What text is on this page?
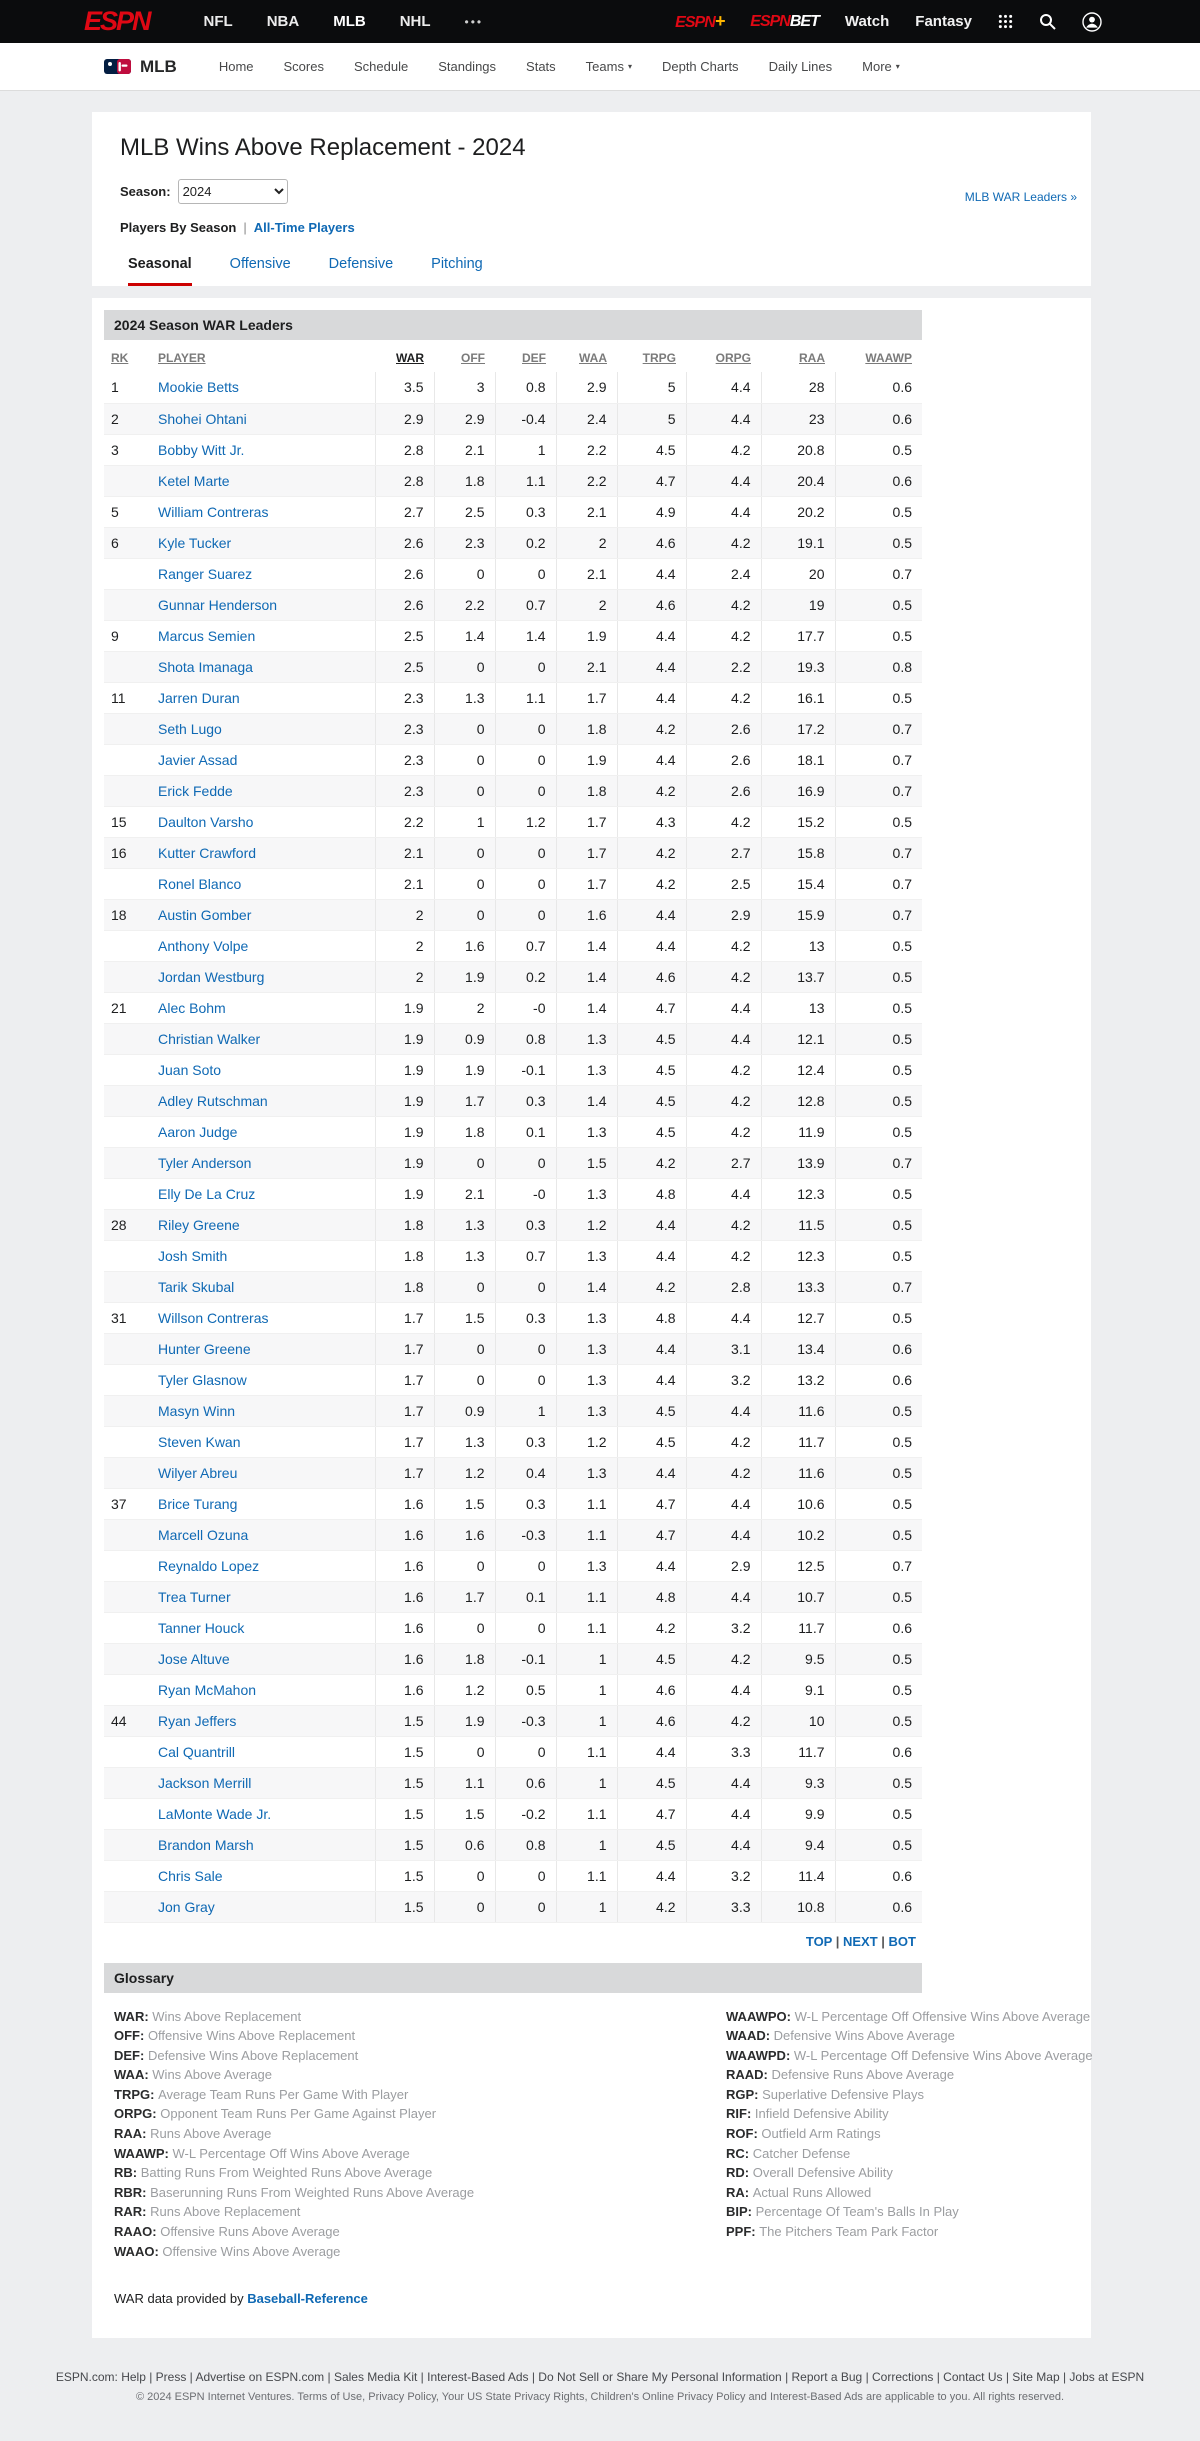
ESPN	NFL NBA MLB NHL	•••	ESPN+ ESPNBET Watch Fantasy
MLB	Home Scores Schedule Standings Stats Teams ▾ Depth Charts Daily Lines More ▾
MLB Wins Above Replacement - 2024
MLB WAR Leaders »
Season:
2024
Players By Season | All-Time Players
Seasonal	Offensive	Defensive	Pitching
2024 Season WAR Leaders
RK	PLAYER	WAR	OFF	DEF	WAA	TRPG	ORPG	RAA	WAAWP
1	Mookie Betts	3.5	3	0.8	2.9	5	4.4	28	0.6
2	Shohei Ohtani	2.9	2.9	-0.4	2.4	5	4.4	23	0.6
3	Bobby Witt Jr.	2.8	2.1	1	2.2	4.5	4.2	20.8	0.5
	Ketel Marte	2.8	1.8	1.1	2.2	4.7	4.4	20.4	0.6
5	William Contreras	2.7	2.5	0.3	2.1	4.9	4.4	20.2	0.5
6	Kyle Tucker	2.6	2.3	0.2	2	4.6	4.2	19.1	0.5
	Ranger Suarez	2.6	0	0	2.1	4.4	2.4	20	0.7
	Gunnar Henderson	2.6	2.2	0.7	2	4.6	4.2	19	0.5
9	Marcus Semien	2.5	1.4	1.4	1.9	4.4	4.2	17.7	0.5
	Shota Imanaga	2.5	0	0	2.1	4.4	2.2	19.3	0.8
11	Jarren Duran	2.3	1.3	1.1	1.7	4.4	4.2	16.1	0.5
	Seth Lugo	2.3	0	0	1.8	4.2	2.6	17.2	0.7
	Javier Assad	2.3	0	0	1.9	4.4	2.6	18.1	0.7
	Erick Fedde	2.3	0	0	1.8	4.2	2.6	16.9	0.7
15	Daulton Varsho	2.2	1	1.2	1.7	4.3	4.2	15.2	0.5
16	Kutter Crawford	2.1	0	0	1.7	4.2	2.7	15.8	0.7
	Ronel Blanco	2.1	0	0	1.7	4.2	2.5	15.4	0.7
18	Austin Gomber	2	0	0	1.6	4.4	2.9	15.9	0.7
	Anthony Volpe	2	1.6	0.7	1.4	4.4	4.2	13	0.5
	Jordan Westburg	2	1.9	0.2	1.4	4.6	4.2	13.7	0.5
21	Alec Bohm	1.9	2	-0	1.4	4.7	4.4	13	0.5
	Christian Walker	1.9	0.9	0.8	1.3	4.5	4.4	12.1	0.5
	Juan Soto	1.9	1.9	-0.1	1.3	4.5	4.2	12.4	0.5
	Adley Rutschman	1.9	1.7	0.3	1.4	4.5	4.2	12.8	0.5
	Aaron Judge	1.9	1.8	0.1	1.3	4.5	4.2	11.9	0.5
	Tyler Anderson	1.9	0	0	1.5	4.2	2.7	13.9	0.7
	Elly De La Cruz	1.9	2.1	-0	1.3	4.8	4.4	12.3	0.5
28	Riley Greene	1.8	1.3	0.3	1.2	4.4	4.2	11.5	0.5
	Josh Smith	1.8	1.3	0.7	1.3	4.4	4.2	12.3	0.5
	Tarik Skubal	1.8	0	0	1.4	4.2	2.8	13.3	0.7
31	Willson Contreras	1.7	1.5	0.3	1.3	4.8	4.4	12.7	0.5
	Hunter Greene	1.7	0	0	1.3	4.4	3.1	13.4	0.6
	Tyler Glasnow	1.7	0	0	1.3	4.4	3.2	13.2	0.6
	Masyn Winn	1.7	0.9	1	1.3	4.5	4.4	11.6	0.5
	Steven Kwan	1.7	1.3	0.3	1.2	4.5	4.2	11.7	0.5
	Wilyer Abreu	1.7	1.2	0.4	1.3	4.4	4.2	11.6	0.5
37	Brice Turang	1.6	1.5	0.3	1.1	4.7	4.4	10.6	0.5
	Marcell Ozuna	1.6	1.6	-0.3	1.1	4.7	4.4	10.2	0.5
	Reynaldo Lopez	1.6	0	0	1.3	4.4	2.9	12.5	0.7
	Trea Turner	1.6	1.7	0.1	1.1	4.8	4.4	10.7	0.5
	Tanner Houck	1.6	0	0	1.1	4.2	3.2	11.7	0.6
	Jose Altuve	1.6	1.8	-0.1	1	4.5	4.2	9.5	0.5
	Ryan McMahon	1.6	1.2	0.5	1	4.6	4.4	9.1	0.5
44	Ryan Jeffers	1.5	1.9	-0.3	1	4.6	4.2	10	0.5
	Cal Quantrill	1.5	0	0	1.1	4.4	3.3	11.7	0.6
	Jackson Merrill	1.5	1.1	0.6	1	4.5	4.4	9.3	0.5
	LaMonte Wade Jr.	1.5	1.5	-0.2	1.1	4.7	4.4	9.9	0.5
	Brandon Marsh	1.5	0.6	0.8	1	4.5	4.4	9.4	0.5
	Chris Sale	1.5	0	0	1.1	4.4	3.2	11.4	0.6
	Jon Gray	1.5	0	0	1	4.2	3.3	10.8	0.6
TOP | NEXT | BOT
Glossary
WAR: Wins Above Replacement
OFF: Offensive Wins Above Replacement
DEF: Defensive Wins Above Replacement
WAA: Wins Above Average
TRPG: Average Team Runs Per Game With Player
ORPG: Opponent Team Runs Per Game Against Player
RAA: Runs Above Average
WAAWP: W-L Percentage Off Wins Above Average
RB: Batting Runs From Weighted Runs Above Average
RBR: Baserunning Runs From Weighted Runs Above Average
RAR: Runs Above Replacement
RAAO: Offensive Runs Above Average
WAAO: Offensive Wins Above Average
WAAWPO: W-L Percentage Off Offensive Wins Above Average
WAAD: Defensive Wins Above Average
WAAWPD: W-L Percentage Off Defensive Wins Above Average
RAAD: Defensive Runs Above Average
RGP: Superlative Defensive Plays
RIF: Infield Defensive Ability
ROF: Outfield Arm Ratings
RC: Catcher Defense
RD: Overall Defensive Ability
RA: Actual Runs Allowed
BIP: Percentage Of Team's Balls In Play
PPF: The Pitchers Team Park Factor

WAR data provided by Baseball-Reference

ESPN.com: Help | Press | Advertise on ESPN.com | Sales Media Kit | Interest-Based Ads | Do Not Sell or Share My Personal Information | Report a Bug | Corrections | Contact Us | Site Map | Jobs at ESPN

© 2024 ESPN Internet Ventures. Terms of Use, Privacy Policy, Your US State Privacy Rights, Children's Online Privacy Policy and Interest-Based Ads are applicable to you. All rights reserved.
